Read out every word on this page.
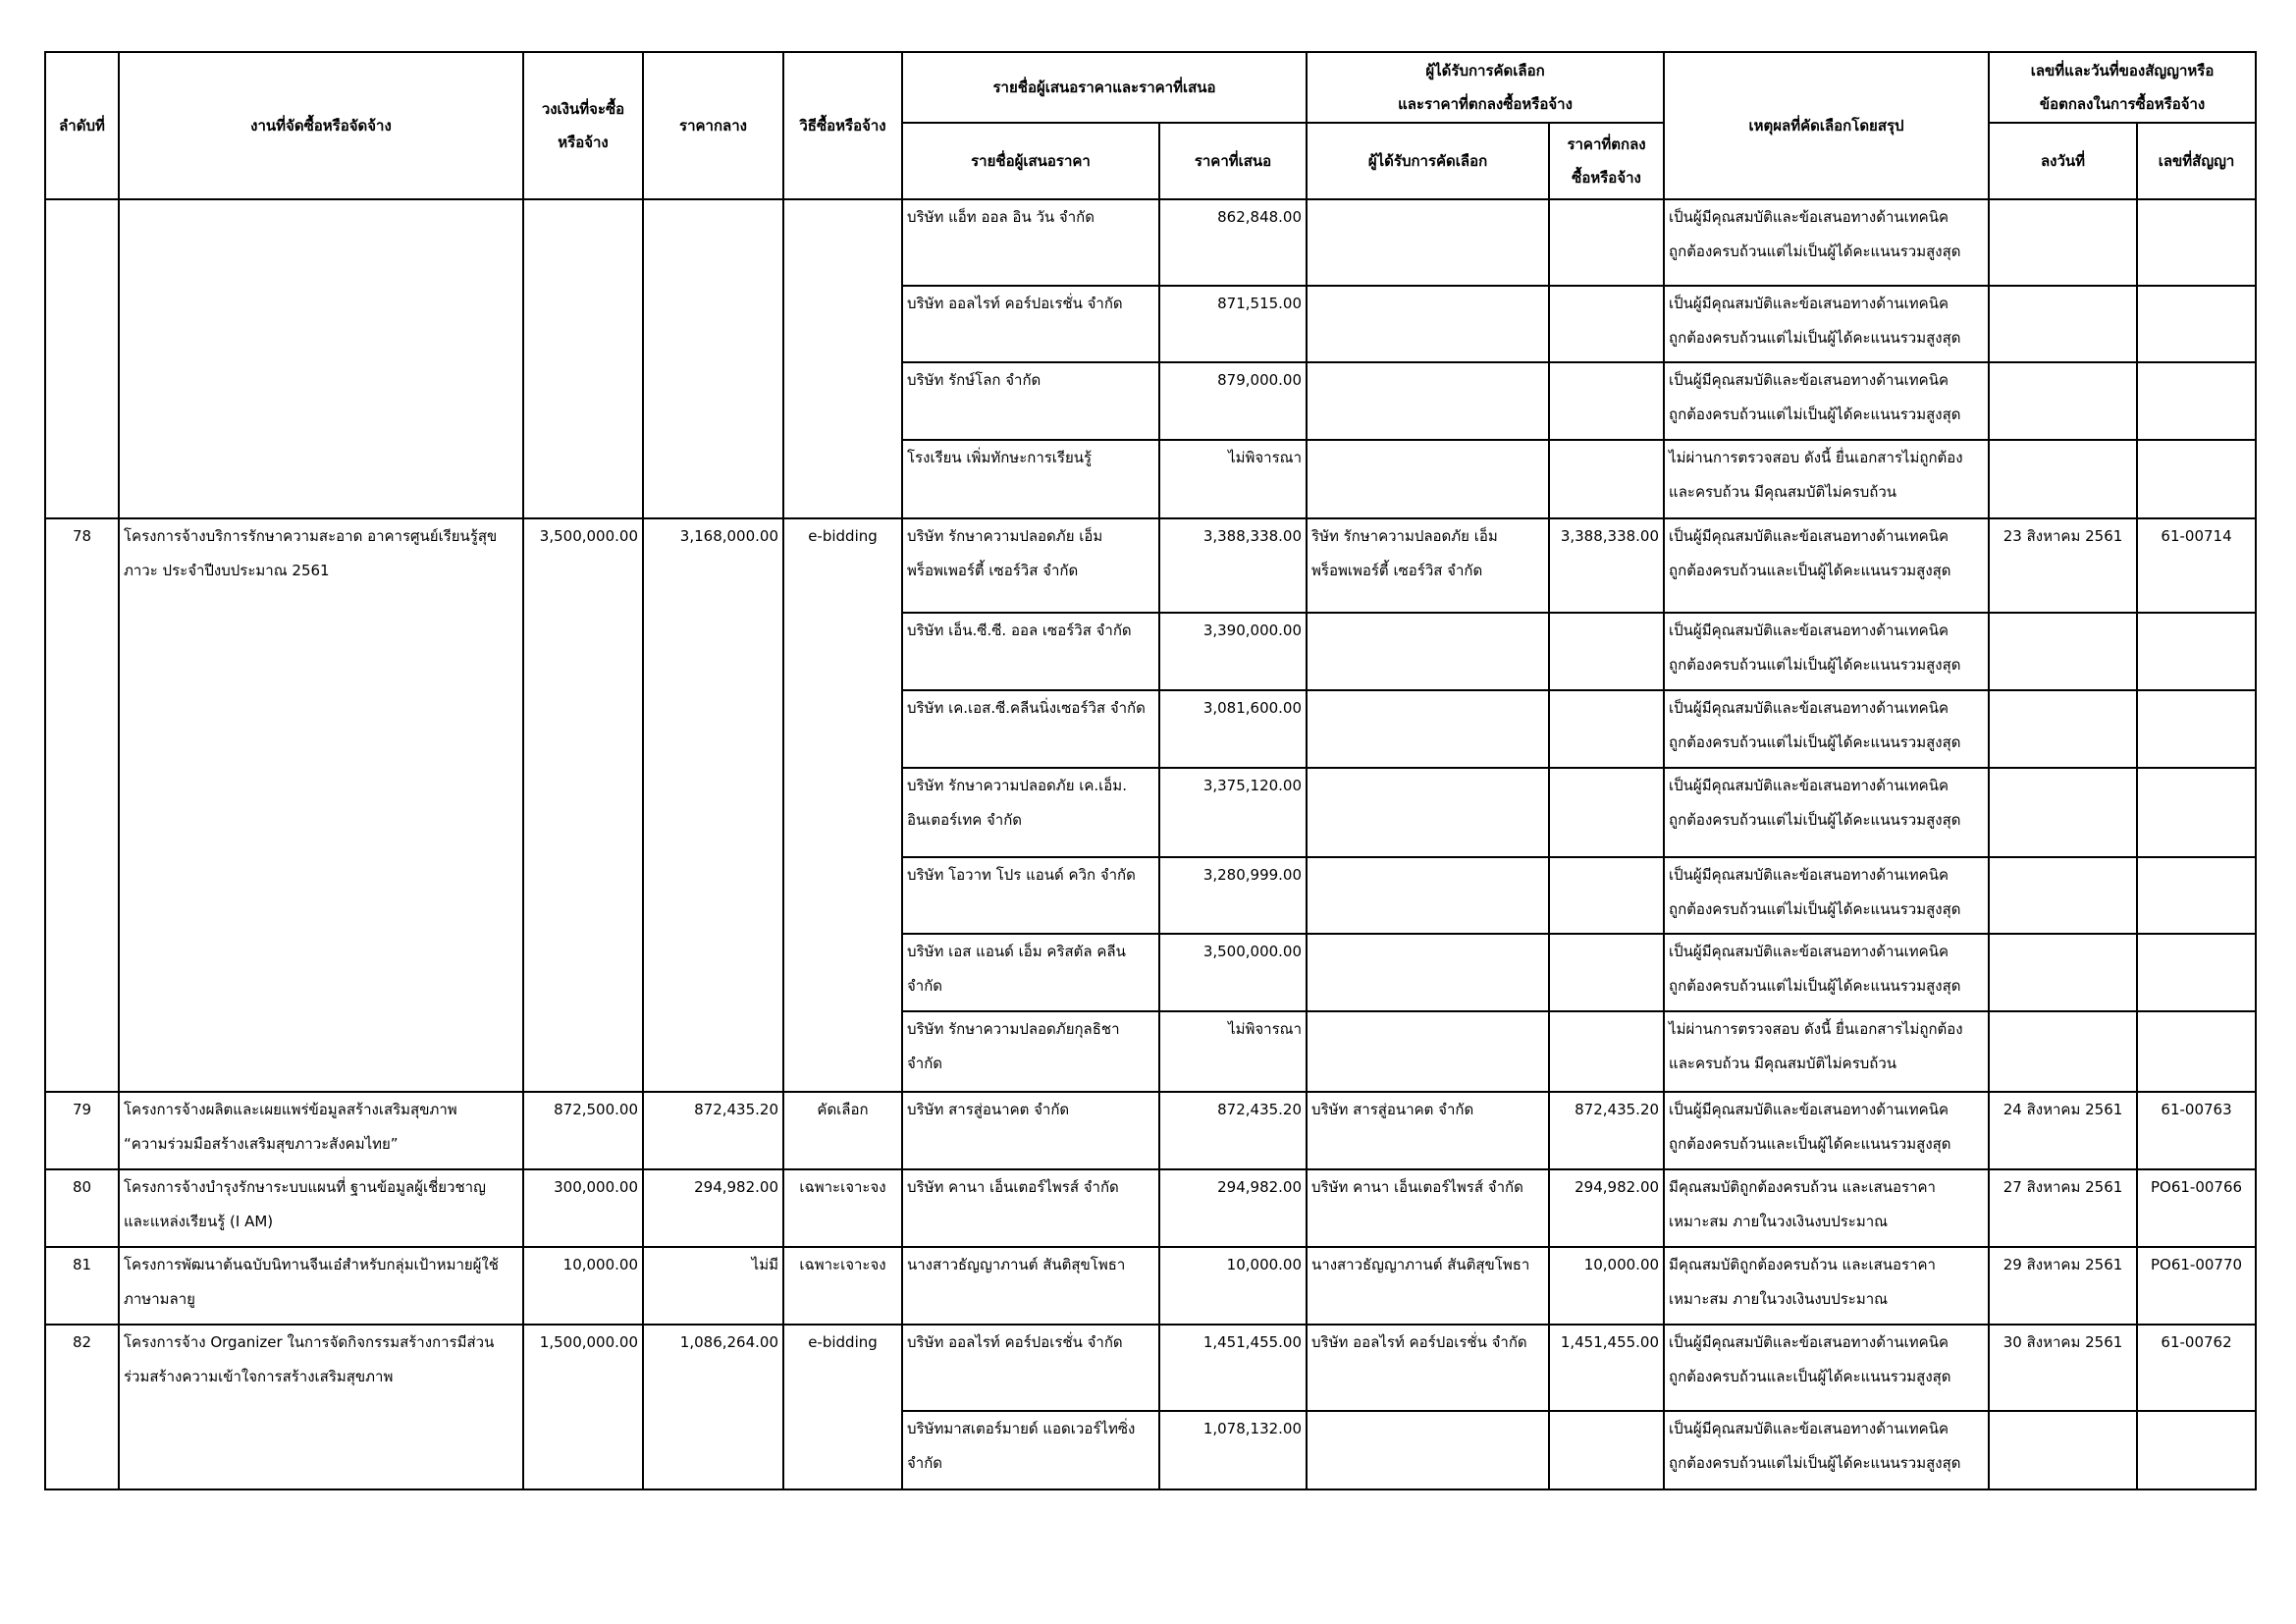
ลำดับที่	งานที่จัดซื้อหรือจัดจ้าง	วงเงินที่จะซื้อ
หรือจ้าง	ราคากลาง	วิธีซื้อหรือจ้าง	รายชื่อผู้เสนอราคาและราคาที่เสนอ		ผู้ได้รับการคัดเลือก
และราคาที่ตกลงซื้อหรือจ้าง		เหตุผลที่คัดเลือกโดยสรุป	เลขที่และวันที่ของสัญญาหรือ
ข้อตกลงในการซื้อหรือจ้าง	
					รายชื่อผู้เสนอราคา	ราคาที่เสนอ	ผู้ได้รับการคัดเลือก	ราคาที่ตกลง
ซื้อหรือจ้าง		ลงวันที่	เลขที่สัญญา
					บริษัท แอ็ท ออล อิน วัน จำกัด	862,848.00			เป็นผู้มีคุณสมบัติและข้อเสนอทางด้านเทคนิค
ถูกต้องครบถ้วนแต่ไม่เป็นผู้ได้คะแนนรวมสูงสุด		
					บริษัท ออลไรท์ คอร์ปอเรชั่น จำกัด	871,515.00			เป็นผู้มีคุณสมบัติและข้อเสนอทางด้านเทคนิค
ถูกต้องครบถ้วนแต่ไม่เป็นผู้ได้คะแนนรวมสูงสุด		
					บริษัท รักษ์โลก จำกัด	879,000.00			เป็นผู้มีคุณสมบัติและข้อเสนอทางด้านเทคนิค
ถูกต้องครบถ้วนแต่ไม่เป็นผู้ได้คะแนนรวมสูงสุด		
					โรงเรียน เพิ่มทักษะการเรียนรู้	ไม่พิจารณา			ไม่ผ่านการตรวจสอบ ดังนี้ ยื่นเอกสารไม่ถูกต้อง
และครบถ้วน มีคุณสมบัติไม่ครบถ้วน		
78	โครงการจ้างบริการรักษาความสะอาด อาคารศูนย์เรียนรู้สุข
ภาวะ ประจำปีงบประมาณ 2561	3,500,000.00	3,168,000.00	e-bidding	บริษัท รักษาความปลอดภัย เอ็ม
พร็อพเพอร์ตี้ เซอร์วิส จำกัด	3,388,338.00	ริษัท รักษาความปลอดภัย เอ็ม
พร็อพเพอร์ตี้ เซอร์วิส จำกัด	3,388,338.00	เป็นผู้มีคุณสมบัติและข้อเสนอทางด้านเทคนิค
ถูกต้องครบถ้วนและเป็นผู้ได้คะแนนรวมสูงสุด	23 สิงหาคม 2561	61-00714
					บริษัท เอ็น.ซี.ซี. ออล เซอร์วิส จำกัด	3,390,000.00			เป็นผู้มีคุณสมบัติและข้อเสนอทางด้านเทคนิค
ถูกต้องครบถ้วนแต่ไม่เป็นผู้ได้คะแนนรวมสูงสุด		
					บริษัท เค.เอส.ซี.คลีนนิ่งเซอร์วิส จำกัด	3,081,600.00			เป็นผู้มีคุณสมบัติและข้อเสนอทางด้านเทคนิค
ถูกต้องครบถ้วนแต่ไม่เป็นผู้ได้คะแนนรวมสูงสุด		
					บริษัท รักษาความปลอดภัย เค.เอ็ม.
อินเตอร์เทค จำกัด	3,375,120.00			เป็นผู้มีคุณสมบัติและข้อเสนอทางด้านเทคนิค
ถูกต้องครบถ้วนแต่ไม่เป็นผู้ได้คะแนนรวมสูงสุด		
					บริษัท โอวาท โปร แอนด์ ควิก จำกัด	3,280,999.00			เป็นผู้มีคุณสมบัติและข้อเสนอทางด้านเทคนิค
ถูกต้องครบถ้วนแต่ไม่เป็นผู้ได้คะแนนรวมสูงสุด		
					บริษัท เอส แอนด์ เอ็ม คริสตัล คลีน
จำกัด	3,500,000.00			เป็นผู้มีคุณสมบัติและข้อเสนอทางด้านเทคนิค
ถูกต้องครบถ้วนแต่ไม่เป็นผู้ได้คะแนนรวมสูงสุด		
					บริษัท รักษาความปลอดภัยกุลธิชา
จำกัด	ไม่พิจารณา			ไม่ผ่านการตรวจสอบ ดังนี้ ยื่นเอกสารไม่ถูกต้อง
และครบถ้วน มีคุณสมบัติไม่ครบถ้วน		
79	โครงการจ้างผลิตและเผยแพร่ข้อมูลสร้างเสริมสุขภาพ
“ความร่วมมือสร้างเสริมสุขภาวะสังคมไทย”	872,500.00	872,435.20	คัดเลือก	บริษัท สารสู่อนาคต จำกัด	872,435.20	บริษัท สารสู่อนาคต จำกัด	872,435.20	เป็นผู้มีคุณสมบัติและข้อเสนอทางด้านเทคนิค
ถูกต้องครบถ้วนและเป็นผู้ได้คะแนนรวมสูงสุด	24 สิงหาคม 2561	61-00763
80	โครงการจ้างบำรุงรักษาระบบแผนที่ ฐานข้อมูลผู้เชี่ยวชาญ
และแหล่งเรียนรู้ (I AM)	300,000.00	294,982.00	เฉพาะเจาะจง	บริษัท คานา เอ็นเตอร์ไพรส์ จำกัด	294,982.00	บริษัท คานา เอ็นเตอร์ไพรส์ จำกัด	294,982.00	มีคุณสมบัติถูกต้องครบถ้วน และเสนอราคา
เหมาะสม ภายในวงเงินงบประมาณ	27 สิงหาคม 2561	PO61-00766
81	โครงการพัฒนาต้นฉบับนิทานจีนเอ๋สำหรับกลุ่มเป้าหมายผู้ใช้
ภาษามลายู	10,000.00	ไม่มี	เฉพาะเจาะจง	นางสาวธัญญาภานต์ สันติสุขโพธา	10,000.00	นางสาวธัญญาภานต์ สันติสุขโพธา	10,000.00	มีคุณสมบัติถูกต้องครบถ้วน และเสนอราคา
เหมาะสม ภายในวงเงินงบประมาณ	29 สิงหาคม 2561	PO61-00770
82	โครงการจ้าง Organizer ในการจัดกิจกรรมสร้างการมีส่วน
ร่วมสร้างความเข้าใจการสร้างเสริมสุขภาพ	1,500,000.00	1,086,264.00	e-bidding	บริษัท ออลไรท์ คอร์ปอเรชั่น จำกัด	1,451,455.00	บริษัท ออลไรท์ คอร์ปอเรชั่น จำกัด	1,451,455.00	เป็นผู้มีคุณสมบัติและข้อเสนอทางด้านเทคนิค
ถูกต้องครบถ้วนและเป็นผู้ได้คะแนนรวมสูงสุด	30 สิงหาคม 2561	61-00762
					บริษัทมาสเตอร์มายด์ แอดเวอร์ไทซิ่ง
จำกัด	1,078,132.00			เป็นผู้มีคุณสมบัติและข้อเสนอทางด้านเทคนิค
ถูกต้องครบถ้วนแต่ไม่เป็นผู้ได้คะแนนรวมสูงสุด		
